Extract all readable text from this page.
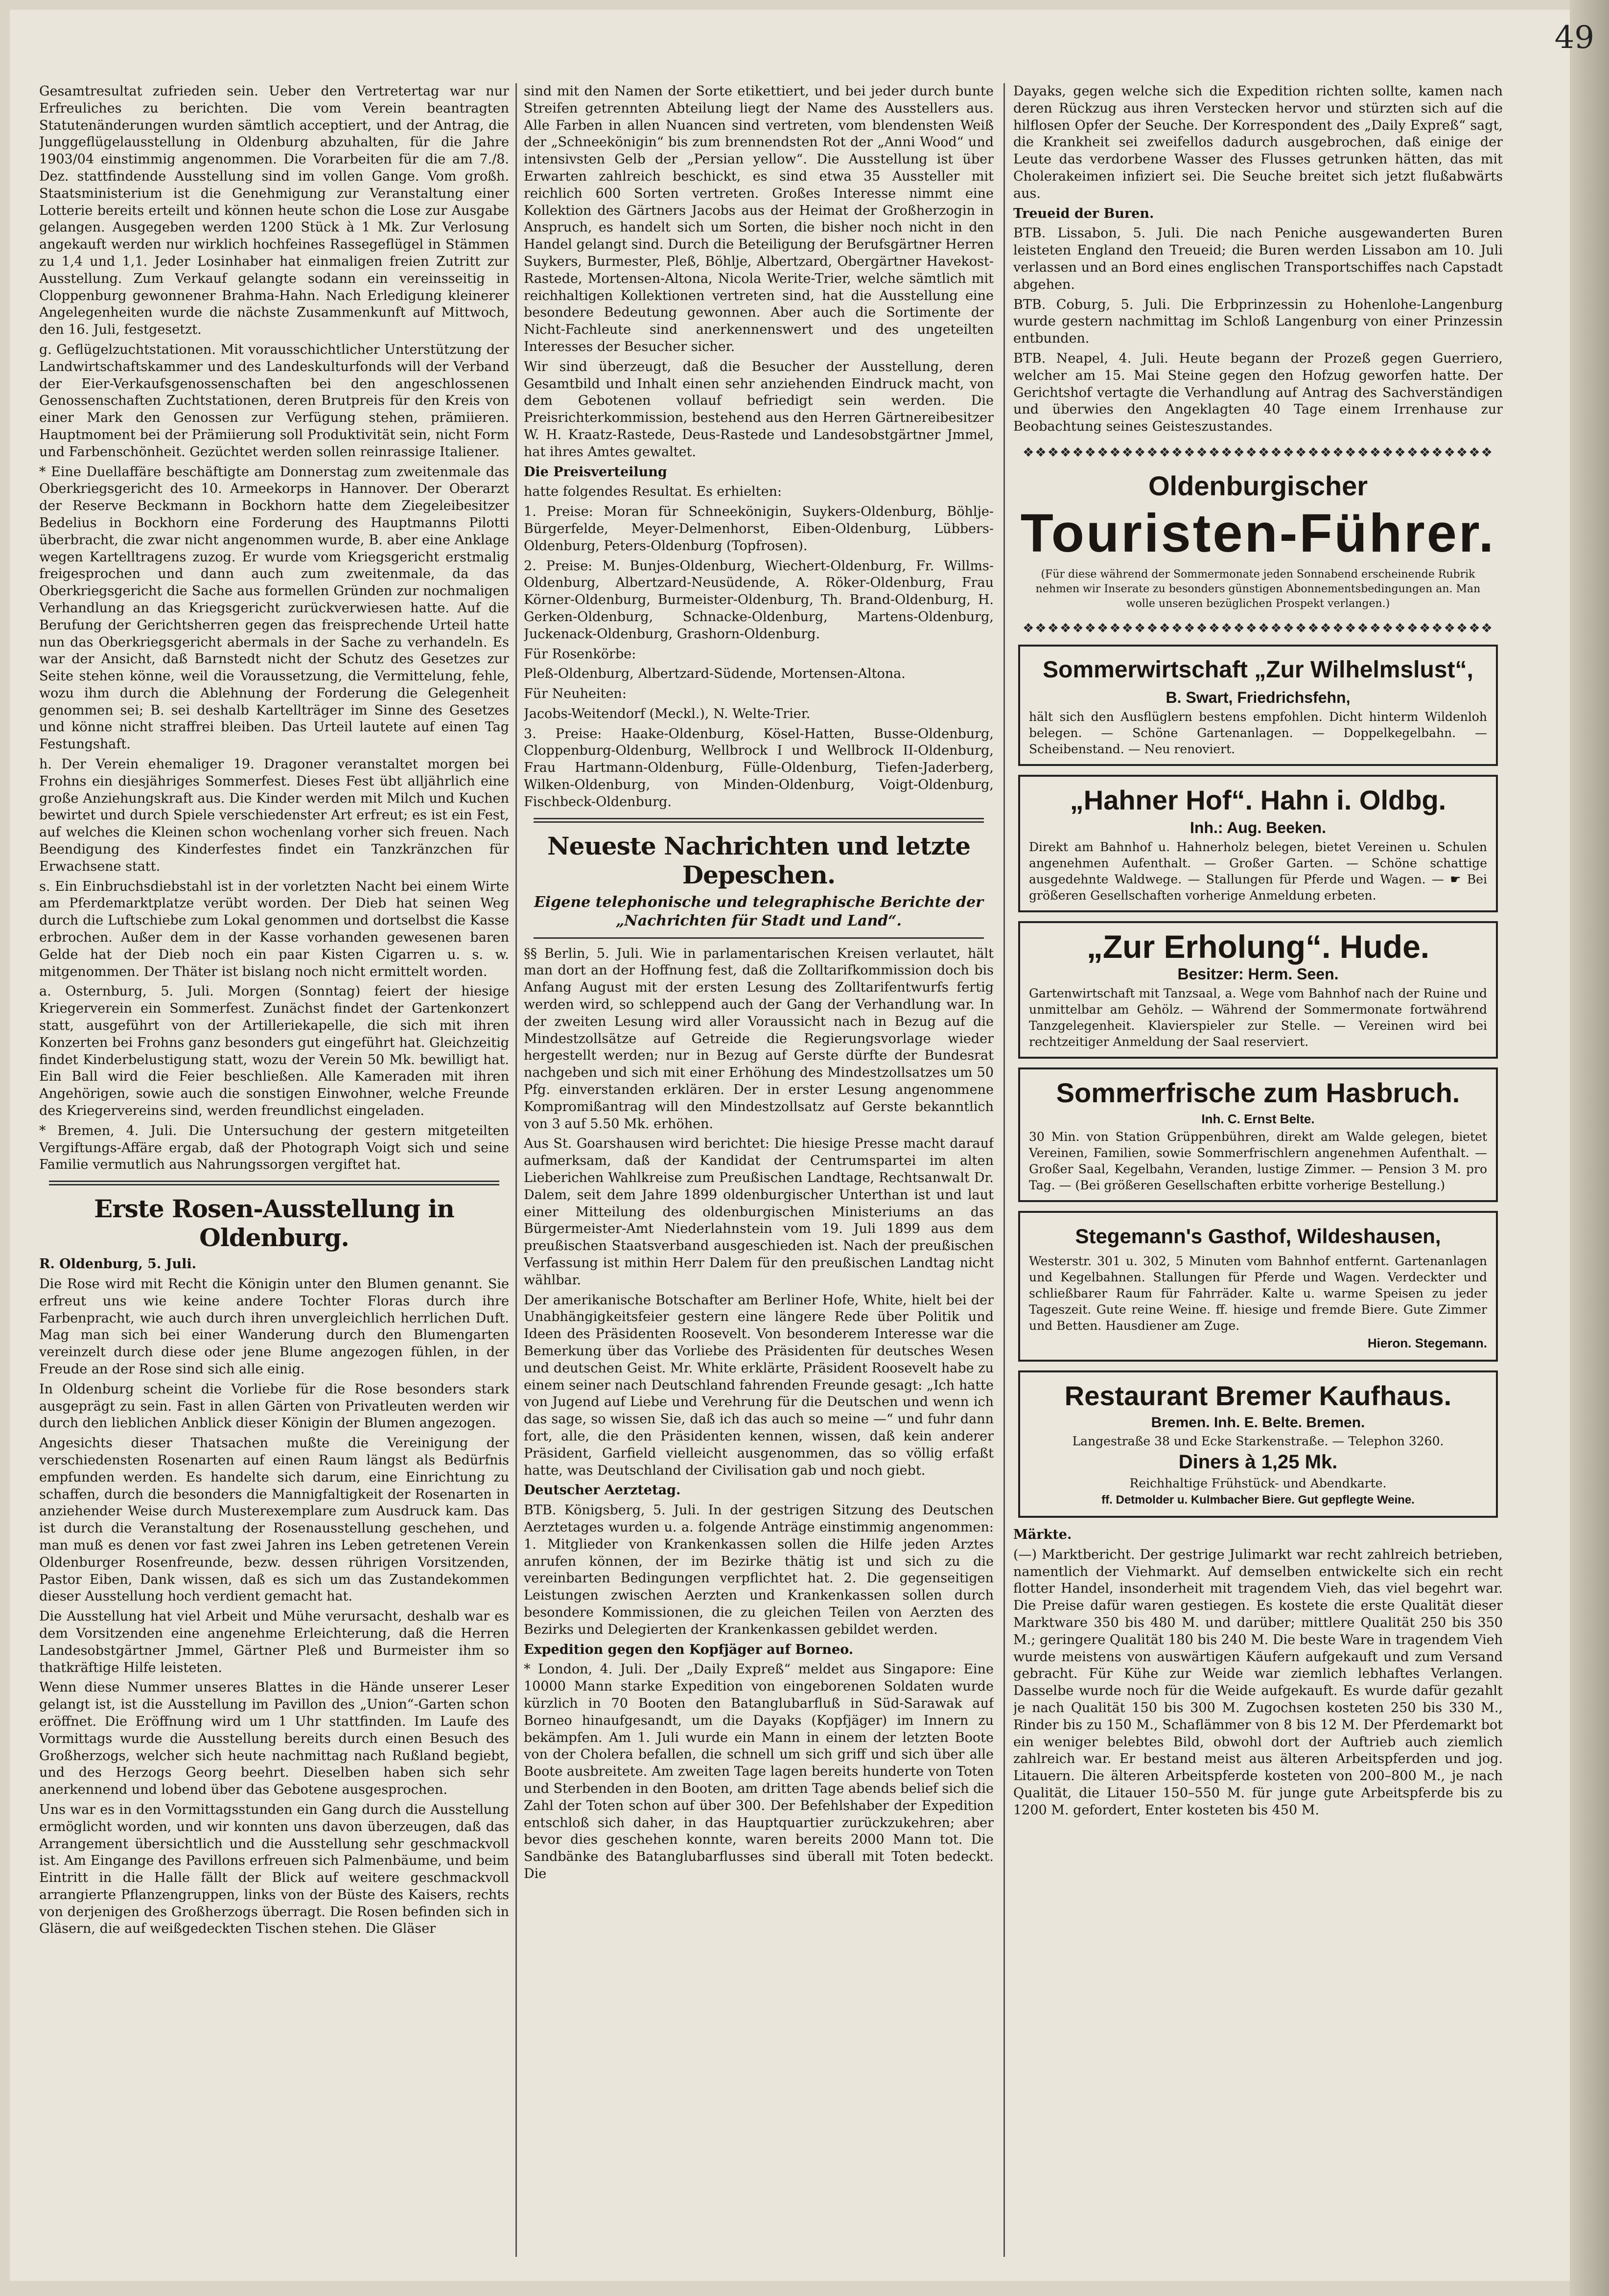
49

Gesamtresultat zufrieden sein. Ueber den Vertretertag war nur Erfreuliches zu berichten. Die vom Verein beantragten Statutenänderungen wurden sämtlich acceptiert, und der Antrag, die Junggeflügelausstellung in Oldenburg abzuhalten, für die Jahre 1903/04 einstimmig angenommen. Die Vorarbeiten für die am 7./8. Dez. stattfindende Ausstellung sind im vollen Gange. Vom großh. Staatsministerium ist die Genehmigung zur Veranstaltung einer Lotterie bereits erteilt und können heute schon die Lose zur Ausgabe gelangen. Ausgegeben werden 1200 Stück à 1 Mk. Zur Verlosung angekauft werden nur wirklich hochfeines Rassegeflügel in Stämmen zu 1,4 und 1,1. Jeder Losinhaber hat einmaligen freien Zutritt zur Ausstellung. Zum Verkauf gelangte sodann ein vereinsseitig in Cloppenburg gewonnener Brahma-Hahn. Nach Erledigung kleinerer Angelegenheiten wurde die nächste Zusammenkunft auf Mittwoch, den 16. Juli, festgesetzt.

g. Geflügelzuchtstationen. Mit vorausschichtlicher Unterstützung der Landwirtschaftskammer und des Landeskulturfonds will der Verband der Eier-Verkaufsgenossenschaften bei den angeschlossenen Genossenschaften Zuchtstationen, deren Brutpreis für den Kreis von einer Mark den Genossen zur Verfügung stehen, prämiieren. Hauptmoment bei der Prämiierung soll Produktivität sein, nicht Form und Farbenschönheit. Gezüchtet werden sollen reinrassige Italiener.

* Eine Duellaffäre beschäftigte am Donnerstag zum zweitenmale das Oberkriegsgericht des 10. Armeekorps in Hannover. Der Oberarzt der Reserve Beckmann in Bockhorn hatte dem Ziegeleibesitzer Bedelius in Bockhorn eine Forderung des Hauptmanns Pilotti überbracht, die zwar nicht angenommen wurde, B. aber eine Anklage wegen Kartelltragens zuzog. Er wurde vom Kriegsgericht erstmalig freigesprochen und dann auch zum zweitenmale, da das Oberkriegsgericht die Sache aus formellen Gründen zur nochmaligen Verhandlung an das Kriegsgericht zurückverwiesen hatte. Auf die Berufung der Gerichtsherren gegen das freisprechende Urteil hatte nun das Oberkriegsgericht abermals in der Sache zu verhandeln. Es war der Ansicht, daß Barnstedt nicht der Schutz des Gesetzes zur Seite stehen könne, weil die Voraussetzung, die Vermittelung, fehle, wozu ihm durch die Ablehnung der Forderung die Gelegenheit genommen sei; B. sei deshalb Kartellträger im Sinne des Gesetzes und könne nicht straffrei bleiben. Das Urteil lautete auf einen Tag Festungshaft.

h. Der Verein ehemaliger 19. Dragoner veranstaltet morgen bei Frohns ein diesjähriges Sommerfest. Dieses Fest übt alljährlich eine große Anziehungskraft aus. Die Kinder werden mit Milch und Kuchen bewirtet und durch Spiele verschiedenster Art erfreut; es ist ein Fest, auf welches die Kleinen schon wochenlang vorher sich freuen. Nach Beendigung des Kinderfestes findet ein Tanzkränzchen für Erwachsene statt.

s. Ein Einbruchsdiebstahl ist in der vorletzten Nacht bei einem Wirte am Pferdemarktplatze verübt worden. Der Dieb hat seinen Weg durch die Luftschiebe zum Lokal genommen und dortselbst die Kasse erbrochen. Außer dem in der Kasse vorhanden gewesenen baren Gelde hat der Dieb noch ein paar Kisten Cigarren u. s. w. mitgenommen. Der Thäter ist bislang noch nicht ermittelt worden.

a. Osternburg, 5. Juli. Morgen (Sonntag) feiert der hiesige Kriegerverein ein Sommerfest. Zunächst findet der Gartenkonzert statt, ausgeführt von der Artilleriekapelle, die sich mit ihren Konzerten bei Frohns ganz besonders gut eingeführt hat. Gleichzeitig findet Kinderbelustigung statt, wozu der Verein 50 Mk. bewilligt hat. Ein Ball wird die Feier beschließen. Alle Kameraden mit ihren Angehörigen, sowie auch die sonstigen Einwohner, welche Freunde des Kriegervereins sind, werden freundlichst eingeladen.

* Bremen, 4. Juli. Die Untersuchung der gestern mitgeteilten Vergiftungs-Affäre ergab, daß der Photograph Voigt sich und seine Familie vermutlich aus Nahrungssorgen vergiftet hat.

Erste Rosen-Ausstellung in Oldenburg.

R. Oldenburg, 5. Juli.

Die Rose wird mit Recht die Königin unter den Blumen genannt. Sie erfreut uns wie keine andere Tochter Floras durch ihre Farbenpracht, wie auch durch ihren unvergleichlich herrlichen Duft. Mag man sich bei einer Wanderung durch den Blumengarten vereinzelt durch diese oder jene Blume angezogen fühlen, in der Freude an der Rose sind sich alle einig.

In Oldenburg scheint die Vorliebe für die Rose besonders stark ausgeprägt zu sein. Fast in allen Gärten von Privatleuten werden wir durch den lieblichen Anblick dieser Königin der Blumen angezogen.

Angesichts dieser Thatsachen mußte die Vereinigung der verschiedensten Rosenarten auf einen Raum längst als Bedürfnis empfunden werden. Es handelte sich darum, eine Einrichtung zu schaffen, durch die besonders die Mannigfaltigkeit der Rosenarten in anziehender Weise durch Musterexemplare zum Ausdruck kam. Das ist durch die Veranstaltung der Rosenausstellung geschehen, und man muß es denen vor fast zwei Jahren ins Leben getretenen Verein Oldenburger Rosenfreunde, bezw. dessen rührigen Vorsitzenden, Pastor Eiben, Dank wissen, daß es sich um das Zustandekommen dieser Ausstellung hoch verdient gemacht hat.

Die Ausstellung hat viel Arbeit und Mühe verursacht, deshalb war es dem Vorsitzenden eine angenehme Erleichterung, daß die Herren Landesobstgärtner Jmmel, Gärtner Pleß und Burmeister ihm so thatkräftige Hilfe leisteten.

Wenn diese Nummer unseres Blattes in die Hände unserer Leser gelangt ist, ist die Ausstellung im Pavillon des „Union“-Garten schon eröffnet. Die Eröffnung wird um 1 Uhr stattfinden. Im Laufe des Vormittags wurde die Ausstellung bereits durch einen Besuch des Großherzogs, welcher sich heute nachmittag nach Rußland begiebt, und des Herzogs Georg beehrt. Dieselben haben sich sehr anerkennend und lobend über das Gebotene ausgesprochen.

Uns war es in den Vormittagsstunden ein Gang durch die Ausstellung ermöglicht worden, und wir konnten uns davon überzeugen, daß das Arrangement übersichtlich und die Ausstellung sehr geschmackvoll ist. Am Eingange des Pavillons erfreuen sich Palmenbäume, und beim Eintritt in die Halle fällt der Blick auf weitere geschmackvoll arrangierte Pflanzengruppen, links von der Büste des Kaisers, rechts von derjenigen des Großherzogs überragt. Die Rosen befinden sich in Gläsern, die auf weißgedeckten Tischen stehen. Die Gläser

sind mit den Namen der Sorte etikettiert, und bei jeder durch bunte Streifen getrennten Abteilung liegt der Name des Ausstellers aus. Alle Farben in allen Nuancen sind vertreten, vom blendensten Weiß der „Schneekönigin“ bis zum brennendsten Rot der „Anni Wood“ und intensivsten Gelb der „Persian yellow“. Die Ausstellung ist über Erwarten zahlreich beschickt, es sind etwa 35 Aussteller mit reichlich 600 Sorten vertreten. Großes Interesse nimmt eine Kollektion des Gärtners Jacobs aus der Heimat der Großherzogin in Anspruch, es handelt sich um Sorten, die bisher noch nicht in den Handel gelangt sind. Durch die Beteiligung der Berufsgärtner Herren Suykers, Burmester, Pleß, Böhlje, Albertzard, Obergärtner Havekost-Rastede, Mortensen-Altona, Nicola Werite-Trier, welche sämtlich mit reichhaltigen Kollektionen vertreten sind, hat die Ausstellung eine besondere Bedeutung gewonnen. Aber auch die Sortimente der Nicht-Fachleute sind anerkennenswert und des ungeteilten Interesses der Besucher sicher.

Wir sind überzeugt, daß die Besucher der Ausstellung, deren Gesamtbild und Inhalt einen sehr anziehenden Eindruck macht, von dem Gebotenen vollauf befriedigt sein werden. Die Preisrichterkommission, bestehend aus den Herren Gärtnereibesitzer W. H. Kraatz-Rastede, Deus-Rastede und Landesobstgärtner Jmmel, hat ihres Amtes gewaltet.

Die Preisverteilung

hatte folgendes Resultat. Es erhielten:

1. Preise: Moran für Schneekönigin, Suykers-Oldenburg, Böhlje-Bürgerfelde, Meyer-Delmenhorst, Eiben-Oldenburg, Lübbers-Oldenburg, Peters-Oldenburg (Topfrosen).

2. Preise: M. Bunjes-Oldenburg, Wiechert-Oldenburg, Fr. Willms-Oldenburg, Albertzard-Neusüdende, A. Röker-Oldenburg, Frau Körner-Oldenburg, Burmeister-Oldenburg, Th. Brand-Oldenburg, H. Gerken-Oldenburg, Schnacke-Oldenburg, Martens-Oldenburg, Juckenack-Oldenburg, Grashorn-Oldenburg.

Für Rosenkörbe:

Pleß-Oldenburg, Albertzard-Südende, Mortensen-Altona.

Für Neuheiten:

Jacobs-Weitendorf (Meckl.), N. Welte-Trier.

3. Preise: Haake-Oldenburg, Kösel-Hatten, Busse-Oldenburg, Cloppenburg-Oldenburg, Wellbrock I und Wellbrock II-Oldenburg, Frau Hartmann-Oldenburg, Fülle-Oldenburg, Tiefen-Jaderberg, Wilken-Oldenburg, von Minden-Oldenburg, Voigt-Oldenburg, Fischbeck-Oldenburg.

Neueste Nachrichten und letzte Depeschen.
Eigene telephonische und telegraphische Berichte der „Nachrichten für Stadt und Land“.

§§ Berlin, 5. Juli. Wie in parlamentarischen Kreisen verlautet, hält man dort an der Hoffnung fest, daß die Zolltarifkommission doch bis Anfang August mit der ersten Lesung des Zolltarifentwurfs fertig werden wird, so schleppend auch der Gang der Verhandlung war. In der zweiten Lesung wird aller Voraussicht nach in Bezug auf die Mindestzollsätze auf Getreide die Regierungsvorlage wieder hergestellt werden; nur in Bezug auf Gerste dürfte der Bundesrat nachgeben und sich mit einer Erhöhung des Mindestzollsatzes um 50 Pfg. einverstanden erklären. Der in erster Lesung angenommene Kompromißantrag will den Mindestzollsatz auf Gerste bekanntlich von 3 auf 5.50 Mk. erhöhen.

Aus St. Goarshausen wird berichtet: Die hiesige Presse macht darauf aufmerksam, daß der Kandidat der Centrumspartei im alten Lieberichen Wahlkreise zum Preußischen Landtage, Rechtsanwalt Dr. Dalem, seit dem Jahre 1899 oldenburgischer Unterthan ist und laut einer Mitteilung des oldenburgischen Ministeriums an das Bürgermeister-Amt Niederlahnstein vom 19. Juli 1899 aus dem preußischen Staatsverband ausgeschieden ist. Nach der preußischen Verfassung ist mithin Herr Dalem für den preußischen Landtag nicht wählbar.

Der amerikanische Botschafter am Berliner Hofe, White, hielt bei der Unabhängigkeitsfeier gestern eine längere Rede über Politik und Ideen des Präsidenten Roosevelt. Von besonderem Interesse war die Bemerkung über das Vorliebe des Präsidenten für deutsches Wesen und deutschen Geist. Mr. White erklärte, Präsident Roosevelt habe zu einem seiner nach Deutschland fahrenden Freunde gesagt: „Ich hatte von Jugend auf Liebe und Verehrung für die Deutschen und wenn ich das sage, so wissen Sie, daß ich das auch so meine —“ und fuhr dann fort, alle, die den Präsidenten kennen, wissen, daß kein anderer Präsident, Garfield vielleicht ausgenommen, das so völlig erfaßt hatte, was Deutschland der Civilisation gab und noch giebt.

Deutscher Aerztetag.

BTB. Königsberg, 5. Juli. In der gestrigen Sitzung des Deutschen Aerztetages wurden u. a. folgende Anträge einstimmig angenommen: 1. Mitglieder von Krankenkassen sollen die Hilfe jeden Arztes anrufen können, der im Bezirke thätig ist und sich zu die vereinbarten Bedingungen verpflichtet hat. 2. Die gegenseitigen Leistungen zwischen Aerzten und Krankenkassen sollen durch besondere Kommissionen, die zu gleichen Teilen von Aerzten des Bezirks und Delegierten der Krankenkassen gebildet werden.

Expedition gegen den Kopfjäger auf Borneo.

* London, 4. Juli. Der „Daily Expreß“ meldet aus Singapore: Eine 10000 Mann starke Expedition von eingeborenen Soldaten wurde kürzlich in 70 Booten den Batanglubarfluß in Süd-Sarawak auf Borneo hinaufgesandt, um die Dayaks (Kopfjäger) im Innern zu bekämpfen. Am 1. Juli wurde ein Mann in einem der letzten Boote von der Cholera befallen, die schnell um sich griff und sich über alle Boote ausbreitete. Am zweiten Tage lagen bereits hunderte von Toten und Sterbenden in den Booten, am dritten Tage abends belief sich die Zahl der Toten schon auf über 300. Der Befehlshaber der Expedition entschloß sich daher, in das Hauptquartier zurückzukehren; aber bevor dies geschehen konnte, waren bereits 2000 Mann tot. Die Sandbänke des Batanglubarflusses sind überall mit Toten bedeckt. Die

Dayaks, gegen welche sich die Expedition richten sollte, kamen nach deren Rückzug aus ihren Verstecken hervor und stürzten sich auf die hilflosen Opfer der Seuche. Der Korrespondent des „Daily Expreß“ sagt, die Krankheit sei zweifellos dadurch ausgebrochen, daß einige der Leute das verdorbene Wasser des Flusses getrunken hätten, das mit Cholerakeimen infiziert sei. Die Seuche breitet sich jetzt flußabwärts aus.

Treueid der Buren.

BTB. Lissabon, 5. Juli. Die nach Peniche ausgewanderten Buren leisteten England den Treueid; die Buren werden Lissabon am 10. Juli verlassen und an Bord eines englischen Transportschiffes nach Capstadt abgehen.

BTB. Coburg, 5. Juli. Die Erbprinzessin zu Hohenlohe-Langenburg wurde gestern nachmittag im Schloß Langenburg von einer Prinzessin entbunden.

BTB. Neapel, 4. Juli. Heute begann der Prozeß gegen Guerriero, welcher am 15. Mai Steine gegen den Hofzug geworfen hatte. Der Gerichtshof vertagte die Verhandlung auf Antrag des Sachverständigen und überwies den Angeklagten 40 Tage einem Irrenhause zur Beobachtung seines Geisteszustandes.

❖❖❖❖❖❖❖❖❖❖❖❖❖❖❖❖❖❖❖❖❖❖❖❖❖❖❖❖❖❖❖❖❖❖❖❖❖❖
Oldenburgischer
Touristen-Führer.
(Für diese während der Sommermonate jeden Sonnabend erscheinende Rubrik nehmen wir Inserate zu besonders günstigen Abonnementsbedingungen an. Man wolle unseren bezüglichen Prospekt verlangen.)
❖❖❖❖❖❖❖❖❖❖❖❖❖❖❖❖❖❖❖❖❖❖❖❖❖❖❖❖❖❖❖❖❖❖❖❖❖❖
Sommerwirtschaft „Zur Wilhelmslust“,
B. Swart, Friedrichsfehn,
hält sich den Ausflüglern bestens empfohlen. Dicht hinterm Wildenloh belegen. — Schöne Gartenanlagen. — Doppelkegelbahn. — Scheibenstand. — Neu renoviert.
„Hahner Hof“. Hahn i. Oldbg.
Inh.: Aug. Beeken.
Direkt am Bahnhof u. Hahnerholz belegen, bietet Vereinen u. Schulen angenehmen Aufenthalt. — Großer Garten. — Schöne schattige ausgedehnte Waldwege. — Stallungen für Pferde und Wagen. — ☛ Bei größeren Gesellschaften vorherige Anmeldung erbeten.
„Zur Erholung“. Hude.
Besitzer: Herm. Seen.
Gartenwirtschaft mit Tanzsaal, a. Wege vom Bahnhof nach der Ruine und unmittelbar am Gehölz. — Während der Sommermonate fortwährend Tanzgelegenheit. Klavierspieler zur Stelle. — Vereinen wird bei rechtzeitiger Anmeldung der Saal reserviert.
Sommerfrische zum Hasbruch.
Inh. C. Ernst Belte.
30 Min. von Station Grüppenbühren, direkt am Walde gelegen, bietet Vereinen, Familien, sowie Sommerfrischlern angenehmen Aufenthalt. — Großer Saal, Kegelbahn, Veranden, lustige Zimmer. — Pension 3 M. pro Tag. — (Bei größeren Gesellschaften erbitte vorherige Bestellung.)
Stegemann's Gasthof, Wildeshausen,
Westerstr. 301 u. 302, 5 Minuten vom Bahnhof entfernt. Gartenanlagen und Kegelbahnen. Stallungen für Pferde und Wagen. Verdeckter und schließbarer Raum für Fahrräder. Kalte u. warme Speisen zu jeder Tageszeit. Gute reine Weine. ff. hiesige und fremde Biere. Gute Zimmer und Betten. Hausdiener am Zuge.
Hieron. Stegemann.
Restaurant Bremer Kaufhaus.
Bremen. Inh. E. Belte. Bremen.
Langestraße 38 und Ecke Starkenstraße. — Telephon 3260.
Diners à 1,25 Mk.
Reichhaltige Frühstück- und Abendkarte.
ff. Detmolder u. Kulmbacher Biere. Gut gepflegte Weine.

Märkte.

(—) Marktbericht. Der gestrige Julimarkt war recht zahlreich betrieben, namentlich der Viehmarkt. Auf demselben entwickelte sich ein recht flotter Handel, insonderheit mit tragendem Vieh, das viel begehrt war. Die Preise dafür waren gestiegen. Es kostete die erste Qualität dieser Marktware 350 bis 480 M. und darüber; mittlere Qualität 250 bis 350 M.; geringere Qualität 180 bis 240 M. Die beste Ware in tragendem Vieh wurde meistens von auswärtigen Käufern aufgekauft und zum Versand gebracht. Für Kühe zur Weide war ziemlich lebhaftes Verlangen. Dasselbe wurde noch für die Weide aufgekauft. Es wurde dafür gezahlt je nach Qualität 150 bis 300 M. Zugochsen kosteten 250 bis 330 M., Rinder bis zu 150 M., Schaflämmer von 8 bis 12 M. Der Pferdemarkt bot ein weniger belebtes Bild, obwohl dort der Auftrieb auch ziemlich zahlreich war. Er bestand meist aus älteren Arbeitspferden und jog. Litauern. Die älteren Arbeitspferde kosteten von 200–800 M., je nach Qualität, die Litauer 150–550 M. für junge gute Arbeitspferde bis zu 1200 M. gefordert, Enter kosteten bis 450 M.
